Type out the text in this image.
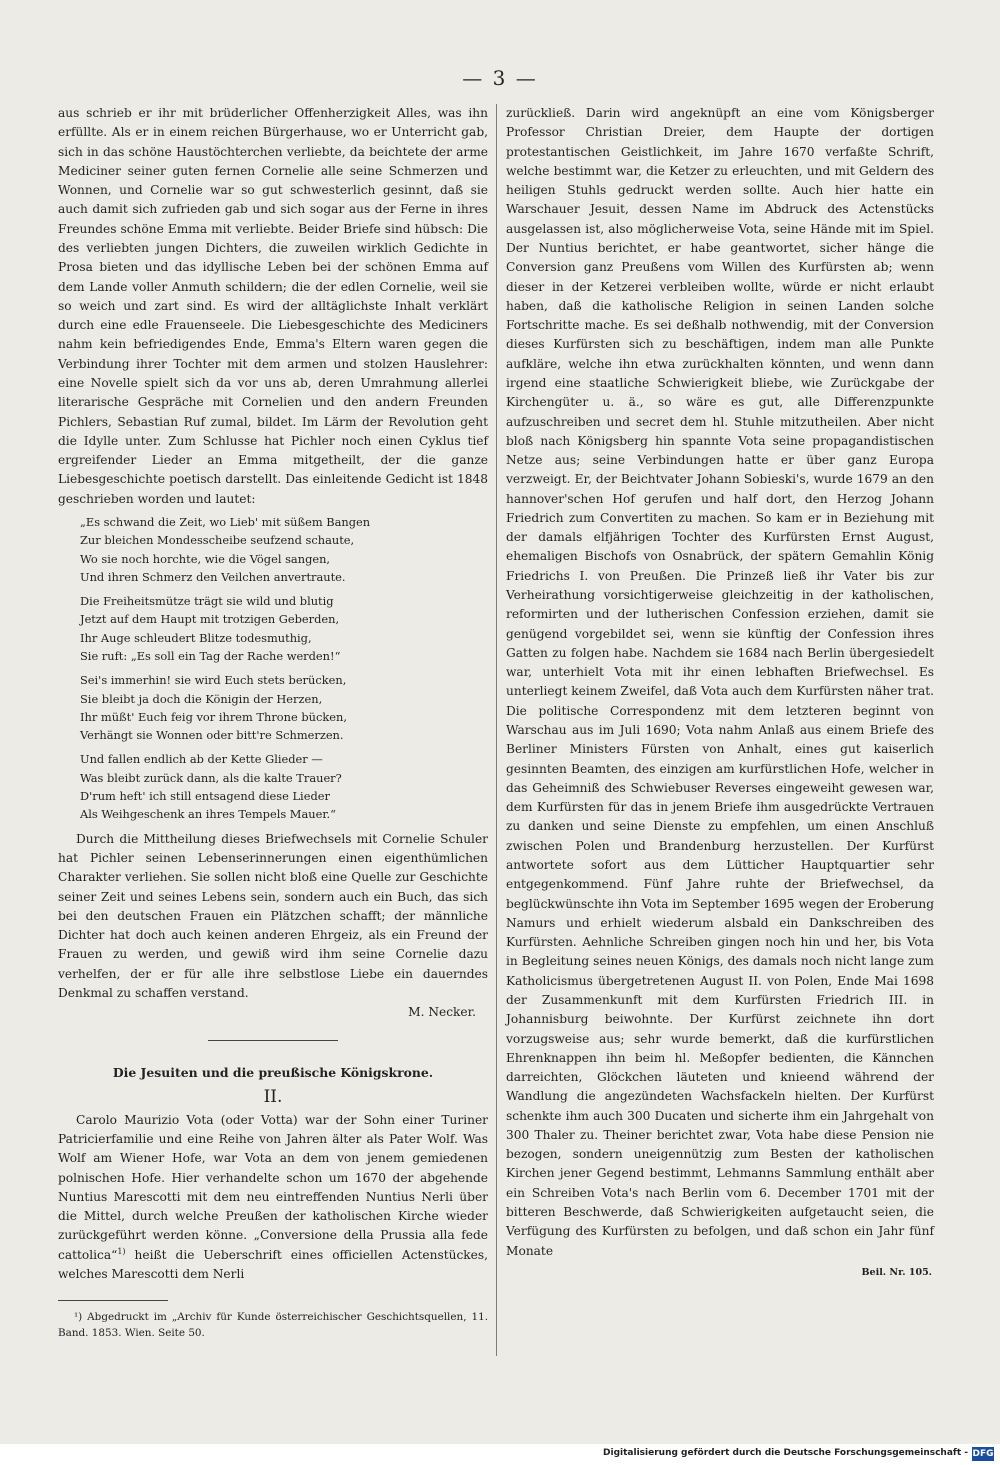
— 3 —

aus schrieb er ihr mit brüderlicher Offenherzigkeit Alles, was ihn erfüllte. Als er in einem reichen Bürgerhause, wo er Unterricht gab, sich in das schöne Haustöchterchen verliebte, da beichtete der arme Mediciner seiner guten fernen Cornelie alle seine Schmerzen und Wonnen, und Cornelie war so gut schwesterlich gesinnt, daß sie auch damit sich zufrieden gab und sich sogar aus der Ferne in ihres Freundes schöne Emma mit verliebte. Beider Briefe sind hübsch: Die des verliebten jungen Dichters, die zuweilen wirklich Gedichte in Prosa bieten und das idyllische Leben bei der schönen Emma auf dem Lande voller Anmuth schildern; die der edlen Cornelie, weil sie so weich und zart sind. Es wird der alltäglichste Inhalt verklärt durch eine edle Frauenseele. Die Liebesgeschichte des Mediciners nahm kein befriedigendes Ende, Emma's Eltern waren gegen die Verbindung ihrer Tochter mit dem armen und stolzen Hauslehrer: eine Novelle spielt sich da vor uns ab, deren Umrahmung allerlei literarische Gespräche mit Cornelien und den andern Freunden Pichlers, Sebastian Ruf zumal, bildet. Im Lärm der Revolution geht die Idylle unter. Zum Schlusse hat Pichler noch einen Cyklus tief ergreifender Lieder an Emma mitgetheilt, der die ganze Liebesgeschichte poetisch darstellt. Das einleitende Gedicht ist 1848 geschrieben worden und lautet:

„Es schwand die Zeit, wo Lieb' mit süßem Bangen
Zur bleichen Mondesscheibe seufzend schaute,
Wo sie noch horchte, wie die Vögel sangen,
Und ihren Schmerz den Veilchen anvertraute.
Die Freiheitsmütze trägt sie wild und blutig
Jetzt auf dem Haupt mit trotzigen Geberden,
Ihr Auge schleudert Blitze todesmuthig,
Sie ruft: „Es soll ein Tag der Rache werden!“
Sei's immerhin! sie wird Euch stets berücken,
Sie bleibt ja doch die Königin der Herzen,
Ihr müßt' Euch feig vor ihrem Throne bücken,
Verhängt sie Wonnen oder bitt're Schmerzen.
Und fallen endlich ab der Kette Glieder —
Was bleibt zurück dann, als die kalte Trauer?
D'rum heft' ich still entsagend diese Lieder
Als Weihgeschenk an ihres Tempels Mauer.“

Durch die Mittheilung dieses Briefwechsels mit Cornelie Schuler hat Pichler seinen Lebenserinnerungen einen eigenthümlichen Charakter verliehen. Sie sollen nicht bloß eine Quelle zur Geschichte seiner Zeit und seines Lebens sein, sondern auch ein Buch, das sich bei den deutschen Frauen ein Plätzchen schafft; der männliche Dichter hat doch auch keinen anderen Ehrgeiz, als ein Freund der Frauen zu werden, und gewiß wird ihm seine Cornelie dazu verhelfen, der er für alle ihre selbstlose Liebe ein dauerndes Denkmal zu schaffen verstand.

M. Necker.

Die Jesuiten und die preußische Königskrone.
II.

Carolo Maurizio Vota (oder Votta) war der Sohn einer Turiner Patricierfamilie und eine Reihe von Jahren älter als Pater Wolf. Was Wolf am Wiener Hofe, war Vota an dem von jenem gemiedenen polnischen Hofe. Hier verhandelte schon um 1670 der abgehende Nuntius Marescotti mit dem neu eintreffenden Nuntius Nerli über die Mittel, durch welche Preußen der katholischen Kirche wieder zurückgeführt werden könne. „Conversione della Prussia alla fede cattolica“$^{1)}$ heißt die Ueberschrift eines officiellen Actenstückes, welches Marescotti dem Nerli

¹) Abgedruckt im „Archiv für Kunde österreichischer Geschichtsquellen, 11. Band. 1853. Wien. Seite 50.

zurückließ. Darin wird angeknüpft an eine vom Königsberger Professor Christian Dreier, dem Haupte der dortigen protestantischen Geistlichkeit, im Jahre 1670 verfaßte Schrift, welche bestimmt war, die Ketzer zu erleuchten, und mit Geldern des heiligen Stuhls gedruckt werden sollte. Auch hier hatte ein Warschauer Jesuit, dessen Name im Abdruck des Actenstücks ausgelassen ist, also möglicherweise Vota, seine Hände mit im Spiel. Der Nuntius berichtet, er habe geantwortet, sicher hänge die Conversion ganz Preußens vom Willen des Kurfürsten ab; wenn dieser in der Ketzerei verbleiben wollte, würde er nicht erlaubt haben, daß die katholische Religion in seinen Landen solche Fortschritte mache. Es sei deßhalb nothwendig, mit der Conversion dieses Kurfürsten sich zu beschäftigen, indem man alle Punkte aufkläre, welche ihn etwa zurückhalten könnten, und wenn dann irgend eine staatliche Schwierigkeit bliebe, wie Zurückgabe der Kirchengüter u. ä., so wäre es gut, alle Differenzpunkte aufzuschreiben und secret dem hl. Stuhle mitzutheilen. Aber nicht bloß nach Königsberg hin spannte Vota seine propagandistischen Netze aus; seine Verbindungen hatte er über ganz Europa verzweigt. Er, der Beichtvater Johann Sobieski's, wurde 1679 an den hannover'schen Hof gerufen und half dort, den Herzog Johann Friedrich zum Convertiten zu machen. So kam er in Beziehung mit der damals elfjährigen Tochter des Kurfürsten Ernst August, ehemaligen Bischofs von Osnabrück, der spätern Gemahlin König Friedrichs I. von Preußen. Die Prinzeß ließ ihr Vater bis zur Verheirathung vorsichtigerweise gleichzeitig in der katholischen, reformirten und der lutherischen Confession erziehen, damit sie genügend vorgebildet sei, wenn sie künftig der Confession ihres Gatten zu folgen habe. Nachdem sie 1684 nach Berlin übergesiedelt war, unterhielt Vota mit ihr einen lebhaften Briefwechsel. Es unterliegt keinem Zweifel, daß Vota auch dem Kurfürsten näher trat. Die politische Correspondenz mit dem letzteren beginnt von Warschau aus im Juli 1690; Vota nahm Anlaß aus einem Briefe des Berliner Ministers Fürsten von Anhalt, eines gut kaiserlich gesinnten Beamten, des einzigen am kurfürstlichen Hofe, welcher in das Geheimniß des Schwiebuser Reverses eingeweiht gewesen war, dem Kurfürsten für das in jenem Briefe ihm ausgedrückte Vertrauen zu danken und seine Dienste zu empfehlen, um einen Anschluß zwischen Polen und Brandenburg herzustellen. Der Kurfürst antwortete sofort aus dem Lütticher Hauptquartier sehr entgegenkommend. Fünf Jahre ruhte der Briefwechsel, da beglückwünschte ihn Vota im September 1695 wegen der Eroberung Namurs und erhielt wiederum alsbald ein Dankschreiben des Kurfürsten. Aehnliche Schreiben gingen noch hin und her, bis Vota in Begleitung seines neuen Königs, des damals noch nicht lange zum Katholicismus übergetretenen August II. von Polen, Ende Mai 1698 der Zusammenkunft mit dem Kurfürsten Friedrich III. in Johannisburg beiwohnte. Der Kurfürst zeichnete ihn dort vorzugsweise aus; sehr wurde bemerkt, daß die kurfürstlichen Ehrenknappen ihn beim hl. Meßopfer bedienten, die Kännchen darreichten, Glöckchen läuteten und knieend während der Wandlung die angezündeten Wachsfackeln hielten. Der Kurfürst schenkte ihm auch 300 Ducaten und sicherte ihm ein Jahrgehalt von 300 Thaler zu. Theiner berichtet zwar, Vota habe diese Pension nie bezogen, sondern uneigennützig zum Besten der katholischen Kirchen jener Gegend bestimmt, Lehmanns Sammlung enthält aber ein Schreiben Vota's nach Berlin vom 6. December 1701 mit der bitteren Beschwerde, daß Schwierigkeiten aufgetaucht seien, die Verfügung des Kurfürsten zu befolgen, und daß schon ein Jahr fünf Monate

Beil. Nr. 105.
Digitalisierung gefördert durch die Deutsche Forschungsgemeinschaft - DFG
